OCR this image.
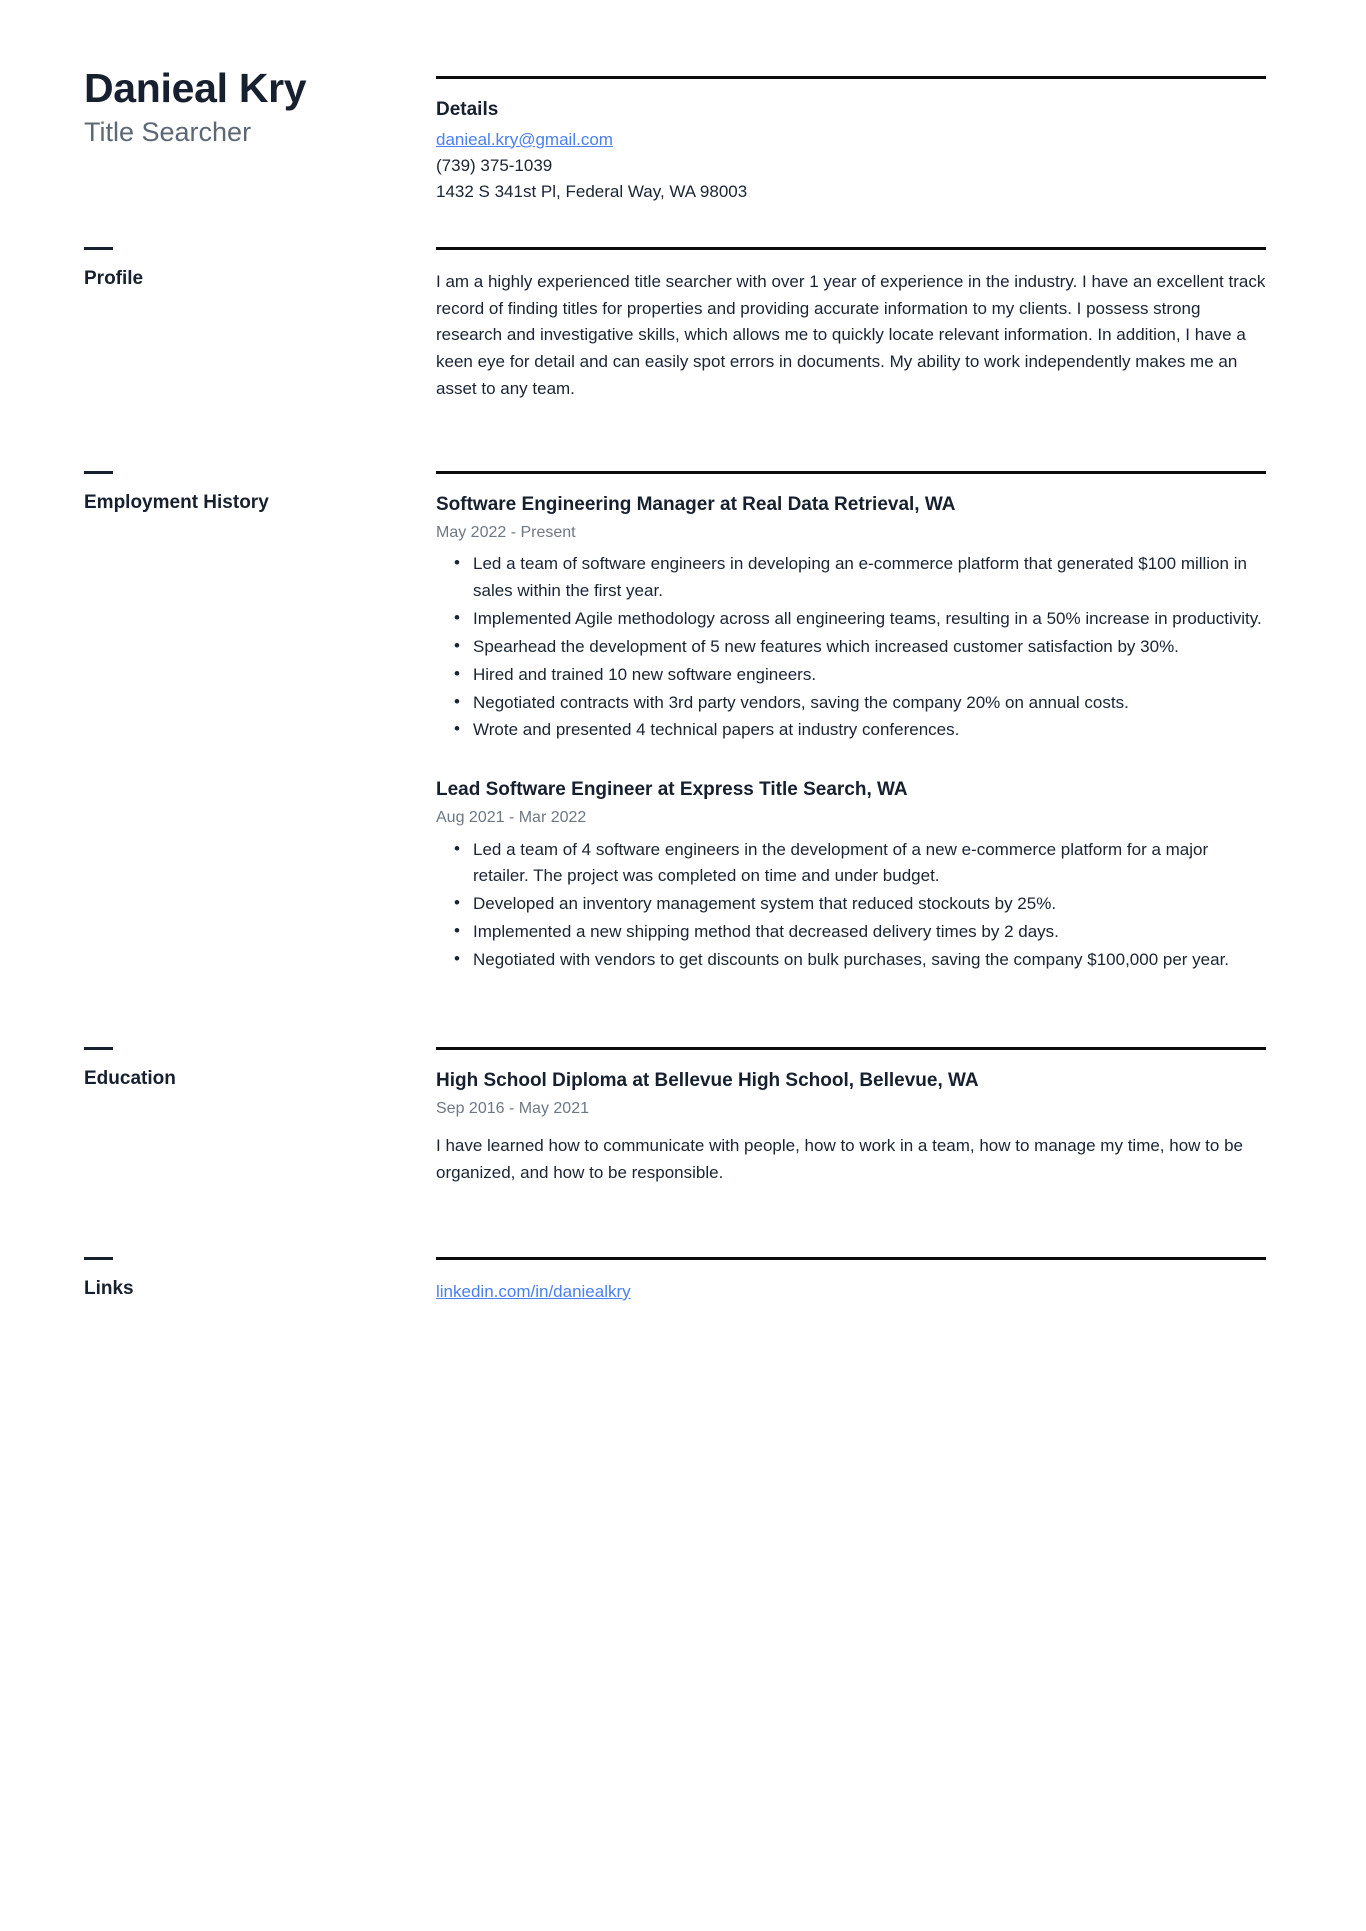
Danieal Kry
Title Searcher
Details
danieal.kry@gmail.com
(739) 375-1039
1432 S 341st Pl, Federal Way, WA 98003
Profile	I am a highly experienced title searcher with over 1 year of experience in the industry. I have an excellent track record of finding titles for properties and providing accurate information to my clients. I possess strong research and investigative skills, which allows me to quickly locate relevant information. In addition, I have a keen eye for detail and can easily spot errors in documents. My ability to work independently makes me an asset to any team.

Employment History	Software Engineering Manager at Real Data Retrieval, WA
May 2022 - Present
• Led a team of software engineers in developing an e-commerce platform that generated $100 million in sales within the first year.
• Implemented Agile methodology across all engineering teams, resulting in a 50% increase in productivity.
• Spearhead the development of 5 new features which increased customer satisfaction by 30%.
• Hired and trained 10 new software engineers.
• Negotiated contracts with 3rd party vendors, saving the company 20% on annual costs.
• Wrote and presented 4 technical papers at industry conferences.
Lead Software Engineer at Express Title Search, WA
Aug 2021 - Mar 2022
• Led a team of 4 software engineers in the development of a new e-commerce platform for a major retailer. The project was completed on time and under budget.
• Developed an inventory management system that reduced stockouts by 25%.
• Implemented a new shipping method that decreased delivery times by 2 days.
• Negotiated with vendors to get discounts on bulk purchases, saving the company $100,000 per year.
Education	High School Diploma at Bellevue High School, Bellevue, WA
Sep 2016 - May 2021

I have learned how to communicate with people, how to work in a team, how to manage my time, how to be organized, and how to be responsible.

Links	linkedin.com/in/daniealkry
